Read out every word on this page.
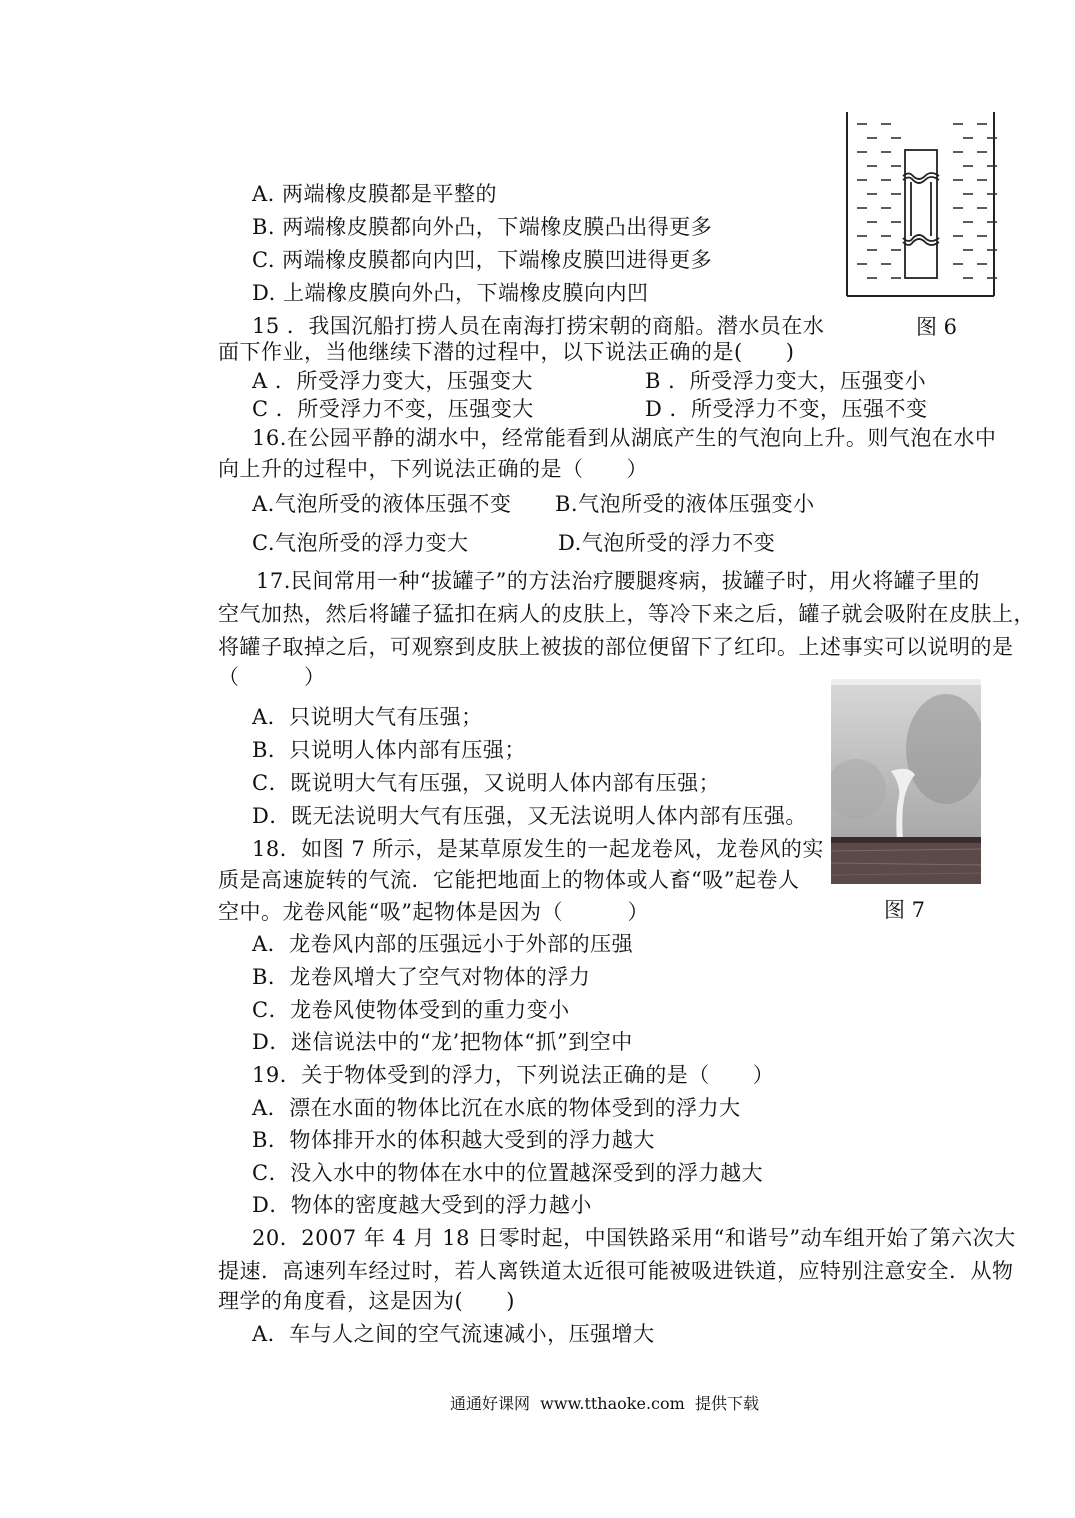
图 6
A. 两端橡皮膜都是平整的
B. 两端橡皮膜都向外凸，下端橡皮膜凸出得更多
C. 两端橡皮膜都向内凹，下端橡皮膜凹进得更多
D. 上端橡皮膜向外凸，下端橡皮膜向内凹
15 ．我国沉船打捞人员在南海打捞宋朝的商船。潜水员在水
面下作业，当他继续下潜的过程中，以下说法正确的是(　　)
A ．所受浮力变大，压强变大	B ．所受浮力变大，压强变小
C ．所受浮力不变，压强变大	D ．所受浮力不变，压强不变
16.在公园平静的湖水中，经常能看到从湖底产生的气泡向上升。则气泡在水中
向上升的过程中，下列说法正确的是（　　）
A.气泡所受的液体压强不变 B.气泡所受的液体压强变小
C.气泡所受的浮力变大	D.气泡所受的浮力不变
17.民间常用一种“拔罐子”的方法治疗腰腿疼病，拔罐子时，用火将罐子里的
空气加热，然后将罐子猛扣在病人的皮肤上，等冷下来之后，罐子就会吸附在皮肤上，
将罐子取掉之后，可观察到皮肤上被拔的部位便留下了红印。上述事实可以说明的是
（　　　）
图 7
A．只说明大气有压强；
B．只说明人体内部有压强；
C．既说明大气有压强，又说明人体内部有压强；
D．既无法说明大气有压强，又无法说明人体内部有压强。
18．如图 7 所示，是某草原发生的一起龙卷风，龙卷风的实
质是高速旋转的气流．它能把地面上的物体或人畜“吸”起卷人
空中。龙卷风能“吸”起物体是因为（　　　）
A．龙卷风内部的压强远小于外部的压强
B．龙卷风增大了空气对物体的浮力
C．龙卷风使物体受到的重力变小
D．迷信说法中的“龙’把物体“抓”到空中
19．关于物体受到的浮力，下列说法正确的是（　　）
A．漂在水面的物体比沉在水底的物体受到的浮力大
B．物体排开水的体积越大受到的浮力越大
C．没入水中的物体在水中的位置越深受到的浮力越大
D．物体的密度越大受到的浮力越小
20．2007 年 4 月 18 日零时起，中国铁路采用“和谐号”动车组开始了第六次大
提速．高速列车经过时，若人离铁道太近很可能被吸进铁道，应特别注意安全．从物
理学的角度看，这是因为(　　)
A．车与人之间的空气流速减小，压强增大
通通好课网  www.tthaoke.com  提供下载
